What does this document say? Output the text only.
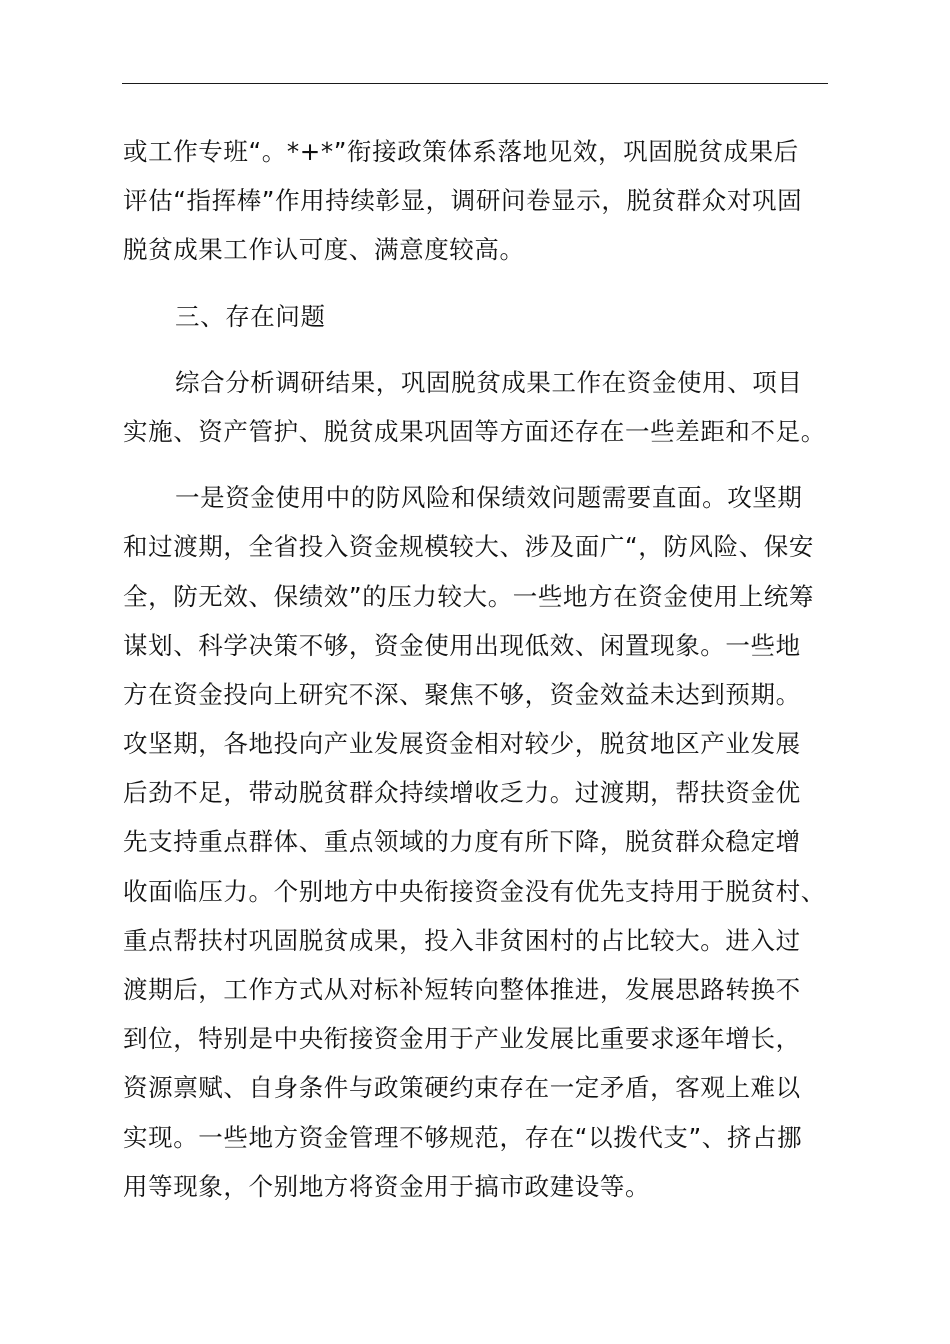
或工作专班“。*+*”衔接政策体系落地见效，巩固脱贫成果后
评估“指挥棒”作用持续彰显，调研问卷显示，脱贫群众对巩固
脱贫成果工作认可度、满意度较高。
三、存在问题
综合分析调研结果，巩固脱贫成果工作在资金使用、项目
实施、资产管护、脱贫成果巩固等方面还存在一些差距和不足。
一是资金使用中的防风险和保绩效问题需要直面。攻坚期
和过渡期，全省投入资金规模较大、涉及面广“，防风险、保安
全，防无效、保绩效”的压力较大。一些地方在资金使用上统筹
谋划、科学决策不够，资金使用出现低效、闲置现象。一些地
方在资金投向上研究不深、聚焦不够，资金效益未达到预期。
攻坚期，各地投向产业发展资金相对较少，脱贫地区产业发展
后劲不足，带动脱贫群众持续增收乏力。过渡期，帮扶资金优
先支持重点群体、重点领域的力度有所下降，脱贫群众稳定增
收面临压力。个别地方中央衔接资金没有优先支持用于脱贫村、
重点帮扶村巩固脱贫成果，投入非贫困村的占比较大。进入过
渡期后，工作方式从对标补短转向整体推进，发展思路转换不
到位，特别是中央衔接资金用于产业发展比重要求逐年增长，
资源禀赋、自身条件与政策硬约束存在一定矛盾，客观上难以
实现。一些地方资金管理不够规范，存在“以拨代支”、挤占挪
用等现象，个别地方将资金用于搞市政建设等。
